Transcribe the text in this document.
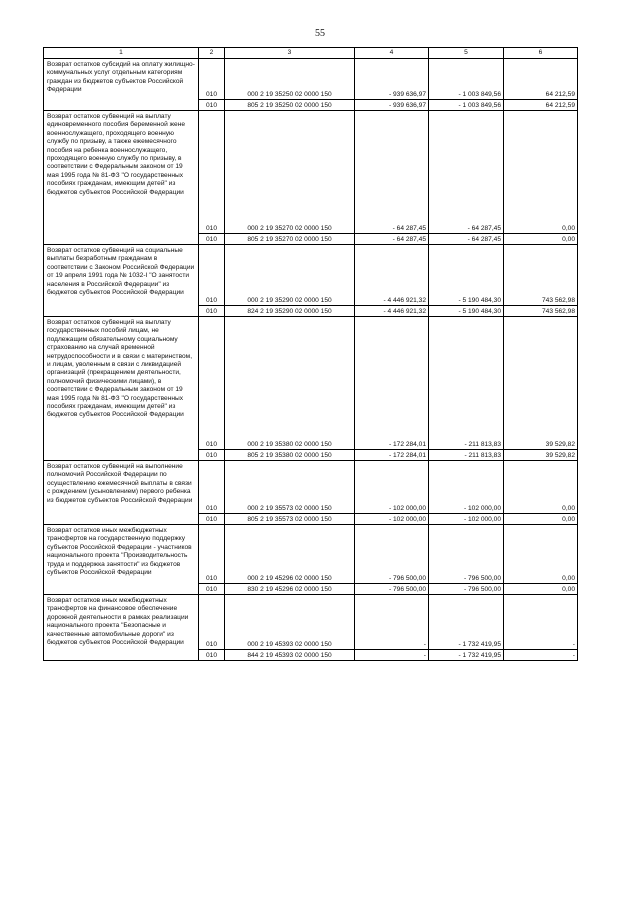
55
1	2	3	4	5	6
Возврат остатков субсидий на оплату жилищно-коммунальных услуг отдельным категориям граждан из бюджетов субъектов Российской Федерации	010	000 2 19 35250 02 0000 150	- 939 636,97	- 1 003 849,56	64 212,59
	010	805 2 19 35250 02 0000 150	- 939 636,97	- 1 003 849,56	64 212,59
Возврат остатков субвенций на выплату единовременного пособия беременной жене военнослужащего, проходящего военную службу по призыву, а также ежемесячного пособия на ребенка военнослужащего, проходящего военную службу по призыву, в соответствии с Федеральным законом от 19 мая 1995 года № 81-ФЗ "О государственных пособиях гражданам, имеющим детей" из бюджетов субъектов Российской Федерации	010	000 2 19 35270 02 0000 150	- 64 287,45	- 64 287,45	0,00
	010	805 2 19 35270 02 0000 150	- 64 287,45	- 64 287,45	0,00
Возврат остатков субвенций на социальные выплаты безработным гражданам в соответствии с Законом Российской Федерации от 19 апреля 1991 года № 1032-I "О занятости населения в Российской Федерации" из бюджетов субъектов Российской Федерации	010	000 2 19 35290 02 0000 150	- 4 446 921,32	- 5 190 484,30	743 562,98
	010	824 2 19 35290 02 0000 150	- 4 446 921,32	- 5 190 484,30	743 562,98
Возврат остатков субвенций на выплату государственных пособий лицам, не подлежащим обязательному социальному страхованию на случай временной нетрудоспособности и в связи с материнством, и лицам, уволенным в связи с ликвидацией организаций (прекращением деятельности, полномочий физическими лицами), в соответствии с Федеральным законом от 19 мая 1995 года № 81-ФЗ "О государственных пособиях гражданам, имеющим детей" из бюджетов субъектов Российской Федерации	010	000 2 19 35380 02 0000 150	- 172 284,01	- 211 813,83	39 529,82
	010	805 2 19 35380 02 0000 150	- 172 284,01	- 211 813,83	39 529,82
Возврат остатков субвенций на выполнение полномочий Российской Федерации по осуществлению ежемесячной выплаты в связи с рождением (усыновлением) первого ребенка из бюджетов субъектов Российской Федерации	010	000 2 19 35573 02 0000 150	- 102 000,00	- 102 000,00	0,00
	010	805 2 19 35573 02 0000 150	- 102 000,00	- 102 000,00	0,00
Возврат остатков иных межбюджетных трансфертов на государственную поддержку субъектов Российской Федерации - участников национального проекта "Производительность труда и поддержка занятости" из бюджетов субъектов Российской Федерации	010	000 2 19 45296 02 0000 150	- 796 500,00	- 796 500,00	0,00
	010	830 2 19 45296 02 0000 150	- 796 500,00	- 796 500,00	0,00
Возврат остатков иных межбюджетных трансфертов на финансовое обеспечение дорожной деятельности в рамках реализации национального проекта "Безопасные и качественные автомобильные дороги" из бюджетов субъектов Российской Федерации	010	000 2 19 45393 02 0000 150	-	- 1 732 419,95	-
	010	844 2 19 45393 02 0000 150	-	- 1 732 419,95	-
